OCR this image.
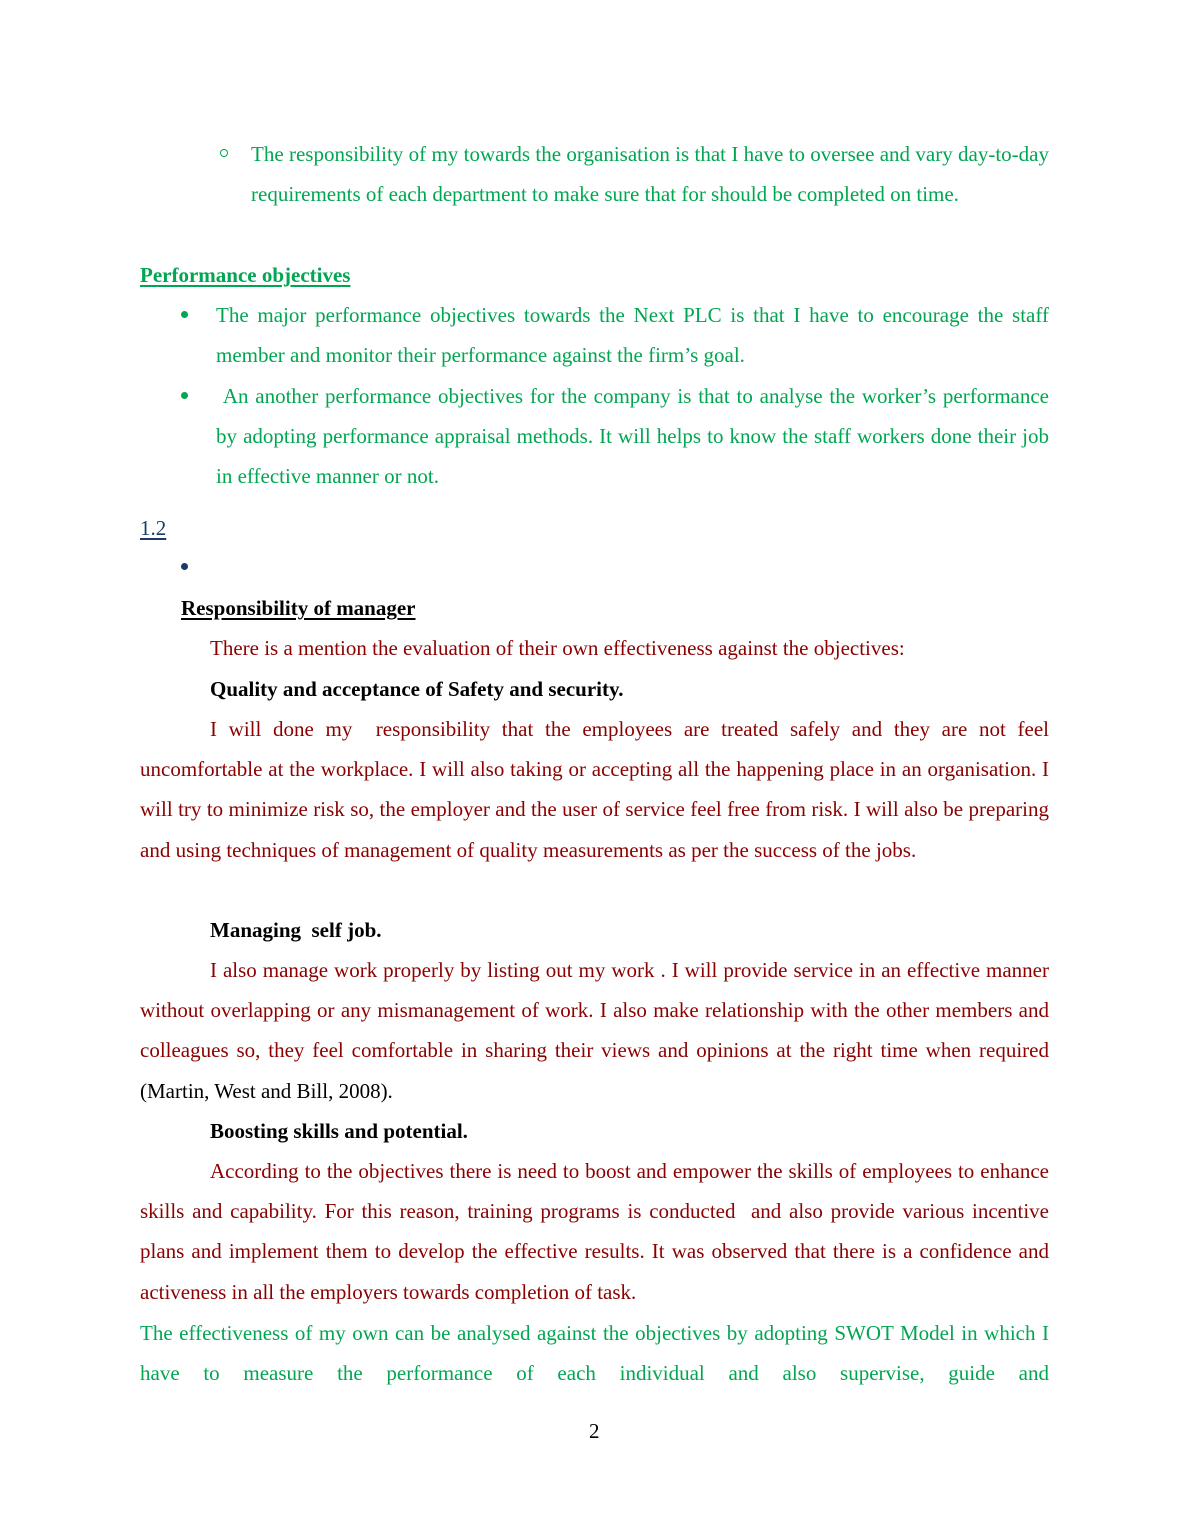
The responsibility of my towards the organisation is that I have to oversee and vary day-to-day requirements of each department to make sure that for should be completed on time.
Performance objectives
The major performance objectives towards the Next PLC is that I have to encourage the staff member and monitor their performance against the firm’s goal.
An another performance objectives for the company is that to analyse the worker’s performance by adopting performance appraisal methods. It will helps to know the staff workers done their job in effective manner or not.
1.2
Responsibility of manager
There is a mention the evaluation of their own effectiveness against the objectives:
Quality and acceptance of Safety and security.
I will done my  responsibility that the employees are treated safely and they are not feel uncomfortable at the workplace. I will also taking or accepting all the happening place in an organisation. I will try to minimize risk so, the employer and the user of service feel free from risk. I will also be preparing and using techniques of management of quality measurements as per the success of the jobs.
Managing  self job.
I also manage work properly by listing out my work . I will provide service in an effective manner without overlapping or any mismanagement of work. I also make relationship with the other members and colleagues so, they feel comfortable in sharing their views and opinions at the right time when required (Martin, West and Bill, 2008).
Boosting skills and potential.
According to the objectives there is need to boost and empower the skills of employees to enhance skills and capability. For this reason, training programs is conducted  and also provide various incentive plans and implement them to develop the effective results. It was observed that there is a confidence and activeness in all the employers towards completion of task.
The effectiveness of my own can be analysed against the objectives by adopting SWOT Model in which I have to measure the performance of each individual and also supervise, guide and
2
